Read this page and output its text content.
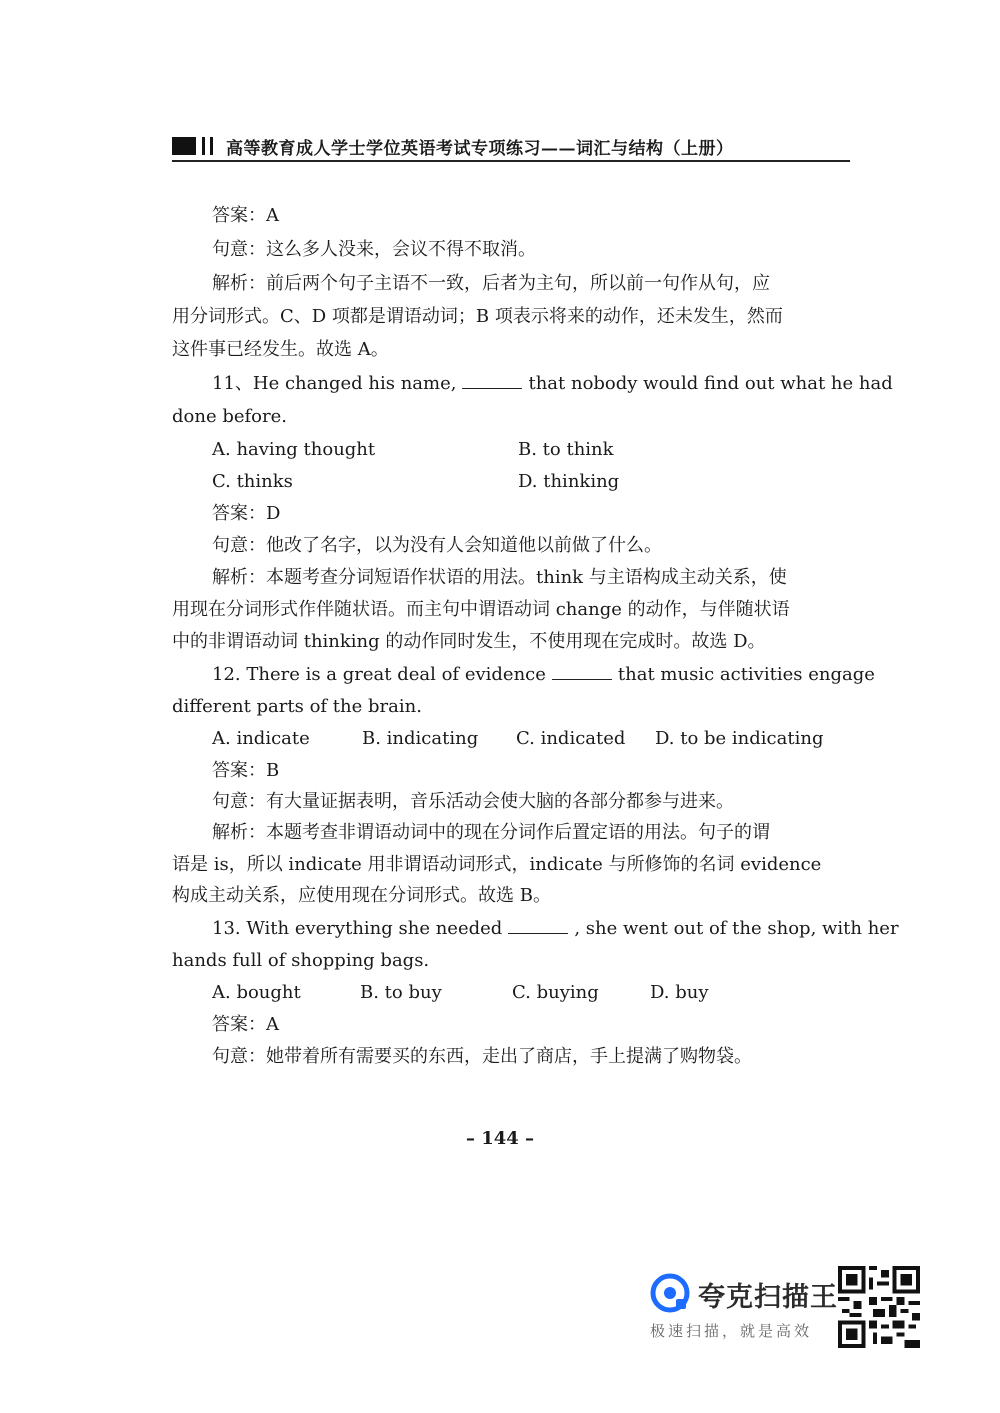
高等教育成人学士学位英语考试专项练习——词汇与结构（上册）
答案：A
句意：这么多人没来，会议不得不取消。
解析：前后两个句子主语不一致，后者为主句，所以前一句作从句，应
用分词形式。C、D 项都是谓语动词；B 项表示将来的动作，还未发生，然而
这件事已经发生。故选 A。
11、He changed his name,	that nobody would find out what he had
done before.
A. having thought	B. to think
C. thinks	D. thinking
答案：D
句意：他改了名字，以为没有人会知道他以前做了什么。
解析：本题考查分词短语作状语的用法。think 与主语构成主动关系，使
用现在分词形式作伴随状语。而主句中谓语动词 change 的动作，与伴随状语
中的非谓语动词 thinking 的动作同时发生，不使用现在完成时。故选 D。
12. There is a great deal of evidence	that music activities engage
different parts of the brain.
A. indicate	B. indicating C. indicated D. to be indicating
答案：B
句意：有大量证据表明，音乐活动会使大脑的各部分都参与进来。
解析：本题考查非谓语动词中的现在分词作后置定语的用法。句子的谓
语是 is，所以 indicate 用非谓语动词形式，indicate 与所修饰的名词 evidence
构成主动关系，应使用现在分词形式。故选 B。
13. With everything she needed	, she went out of the shop, with her
hands full of shopping bags.
A. bought	B. to buy	C. buying	D. buy
答案：A
句意：她带着所有需要买的东西，走出了商店，手上提满了购物袋。
– 144 –
夸克扫描王
极速扫描，就是高效
